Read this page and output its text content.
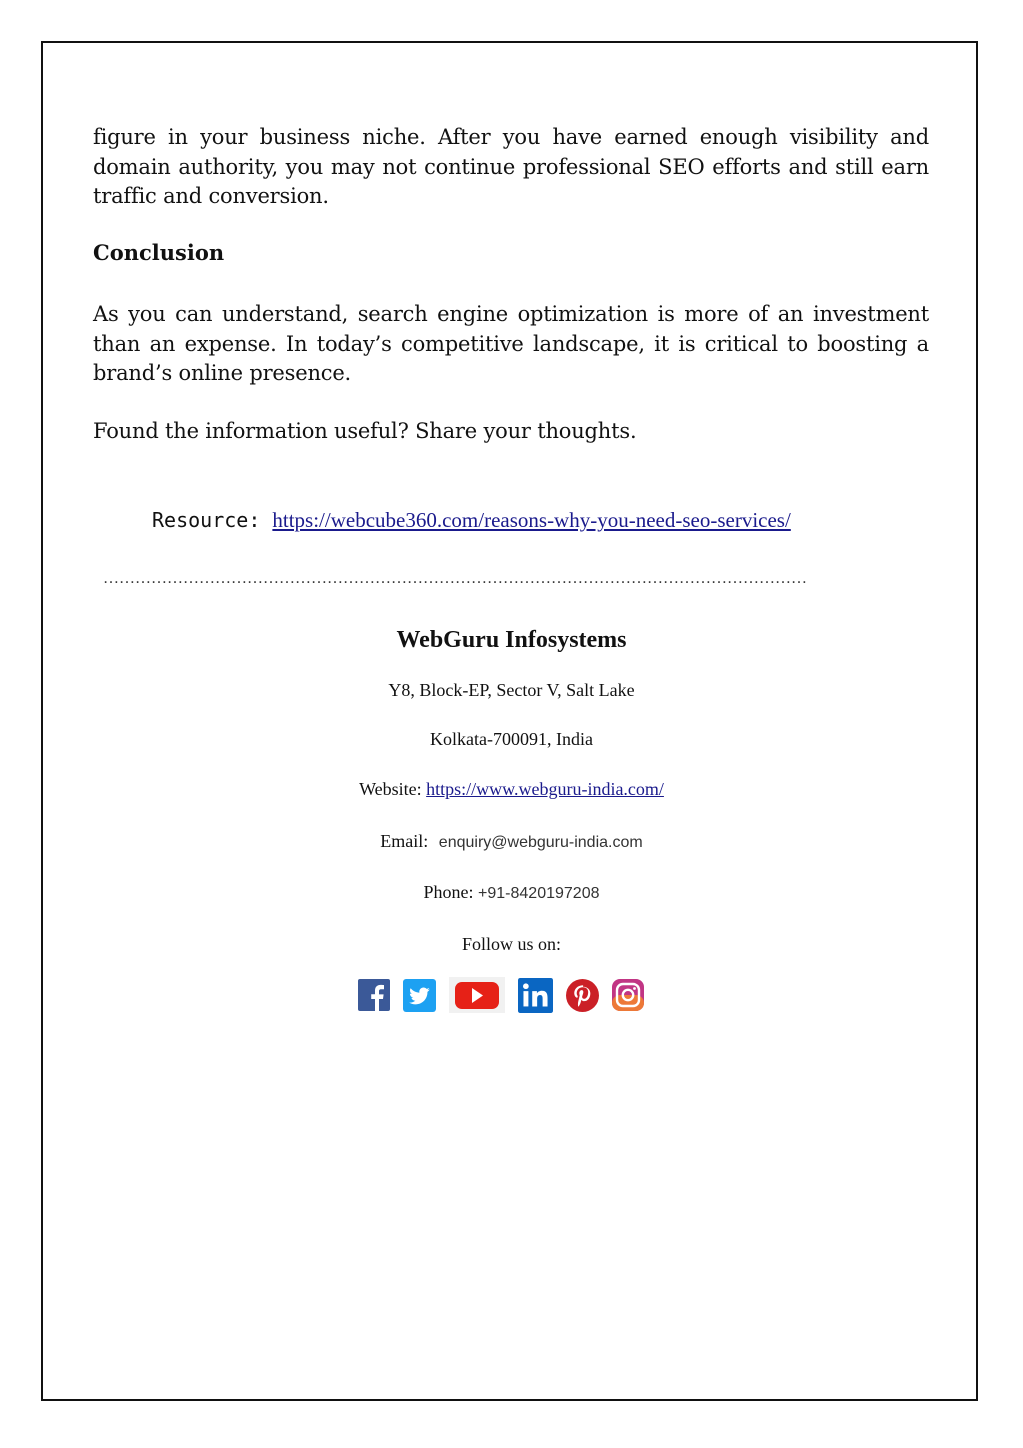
figure in your business niche. After you have earned enough visibility and domain authority, you may not continue professional SEO efforts and still earn traffic and conversion.

Conclusion

As you can understand, search engine optimization is more of an investment than an expense. In today’s competitive landscape, it is critical to boosting a brand’s online presence.

Found the information useful? Share your thoughts.

Resource: https://webcube360.com/reasons-why-you-need-seo-services/
……………………………………………………………………………………………………………………
WebGuru Infosystems
Y8, Block-EP, Sector V, Salt Lake
Kolkata-700091, India
Website: https://www.webguru-india.com/
Email: enquiry@webguru-india.com
Phone: +91-8420197208
Follow us on:
